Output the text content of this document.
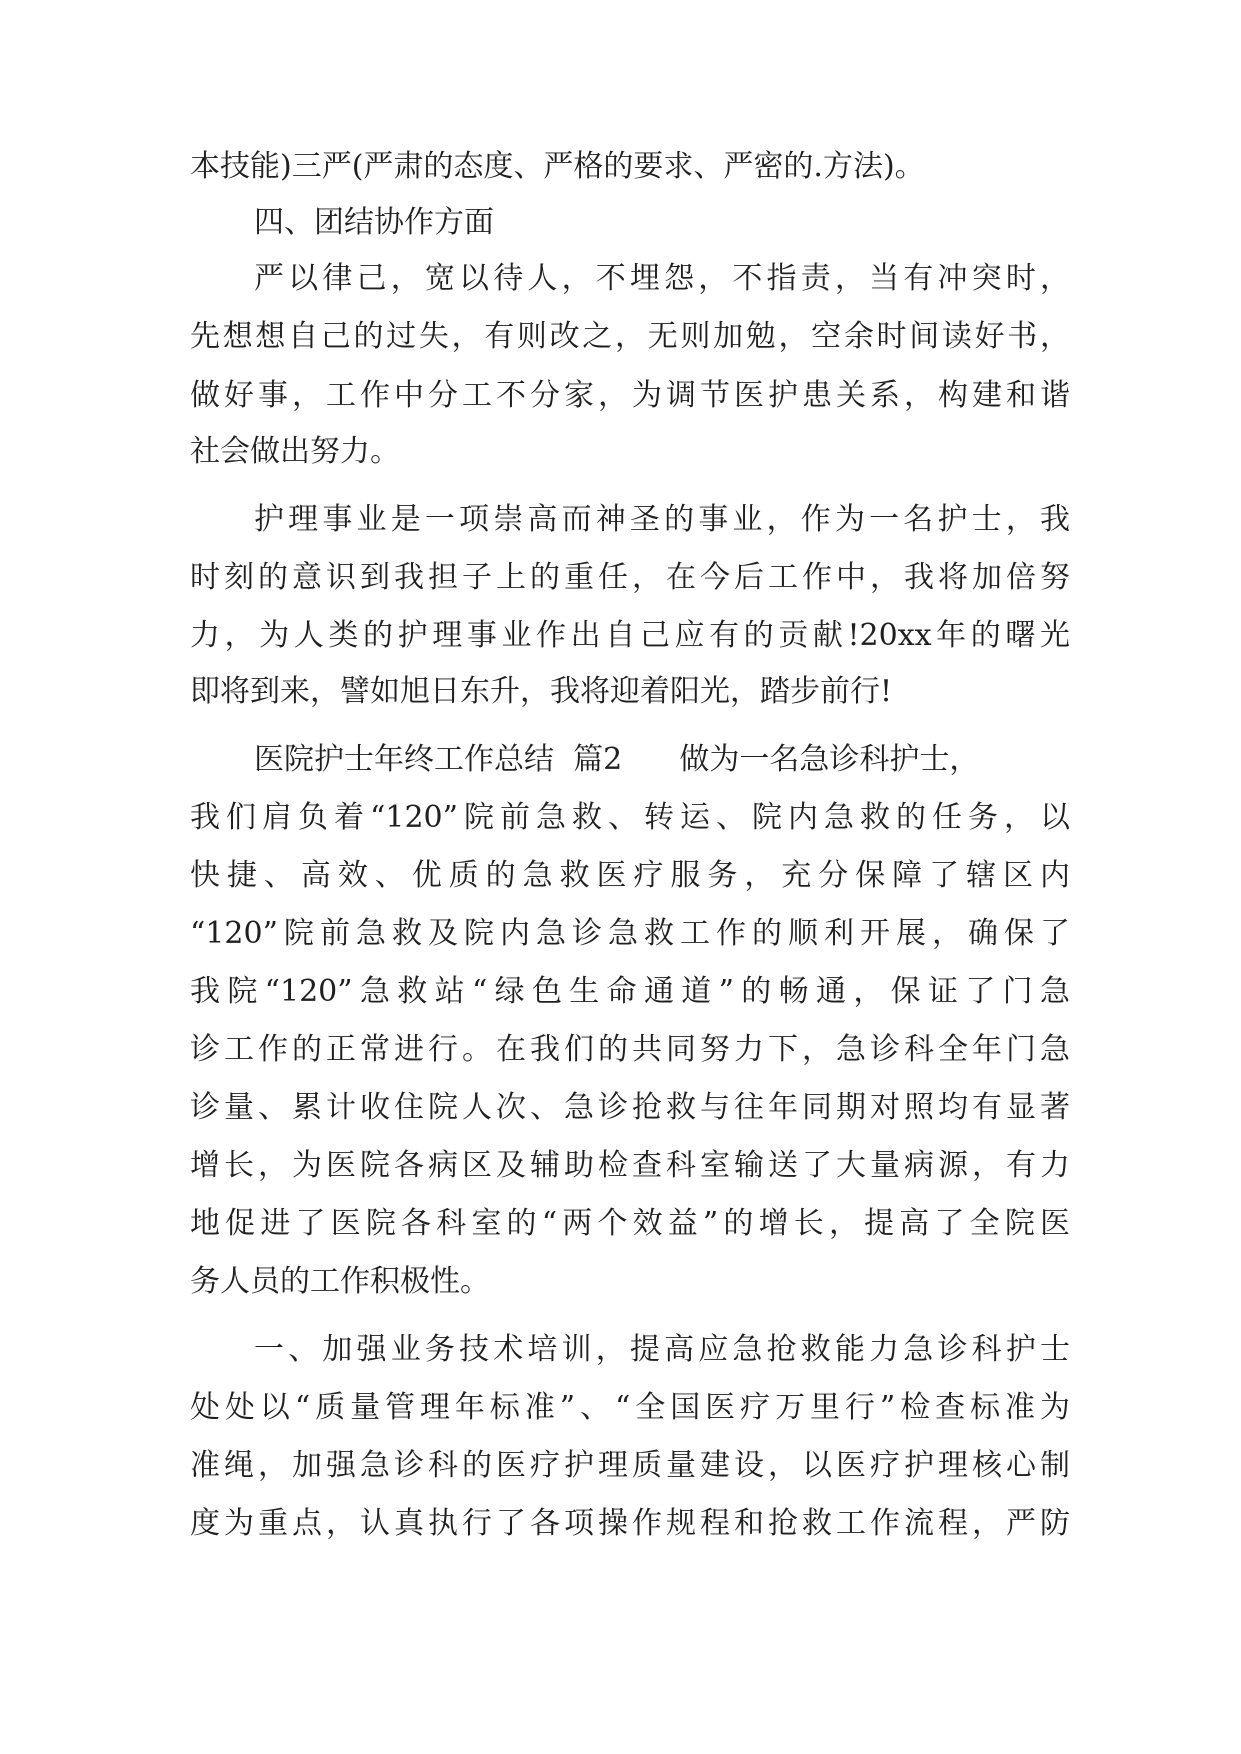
本技能)三严(严肃的态度、严格的要求、严密的.方法)。
四、团结协作方面
严以律己，宽以待人，不埋怨，不指责，当有冲突时，
先想想自己的过失，有则改之，无则加勉，空余时间读好书，
做好事，工作中分工不分家，为调节医护患关系，构建和谐
社会做出努力。
护理事业是一项崇高而神圣的事业，作为一名护士，我
时刻的意识到我担子上的重任，在今后工作中，我将加倍努
力，为人类的护理事业作出自己应有的贡献!20xx年的曙光
即将到来，譬如旭日东升，我将迎着阳光，踏步前行!
医院护士年终工作总结  篇2      做为一名急诊科护士，
我们肩负着“120”院前急救、转运、院内急救的任务，以
快捷、高效、优质的急救医疗服务，充分保障了辖区内
“120”院前急救及院内急诊急救工作的顺利开展，确保了
我院“120”急救站“绿色生命通道”的畅通，保证了门急
诊工作的正常进行。在我们的共同努力下，急诊科全年门急
诊量、累计收住院人次、急诊抢救与往年同期对照均有显著
增长，为医院各病区及辅助检查科室输送了大量病源，有力
地促进了医院各科室的“两个效益”的增长，提高了全院医
务人员的工作积极性。
一、加强业务技术培训，提高应急抢救能力急诊科护士
处处以“质量管理年标准”、“全国医疗万里行”检查标准为
准绳，加强急诊科的医疗护理质量建设，以医疗护理核心制
度为重点，认真执行了各项操作规程和抢救工作流程，严防
